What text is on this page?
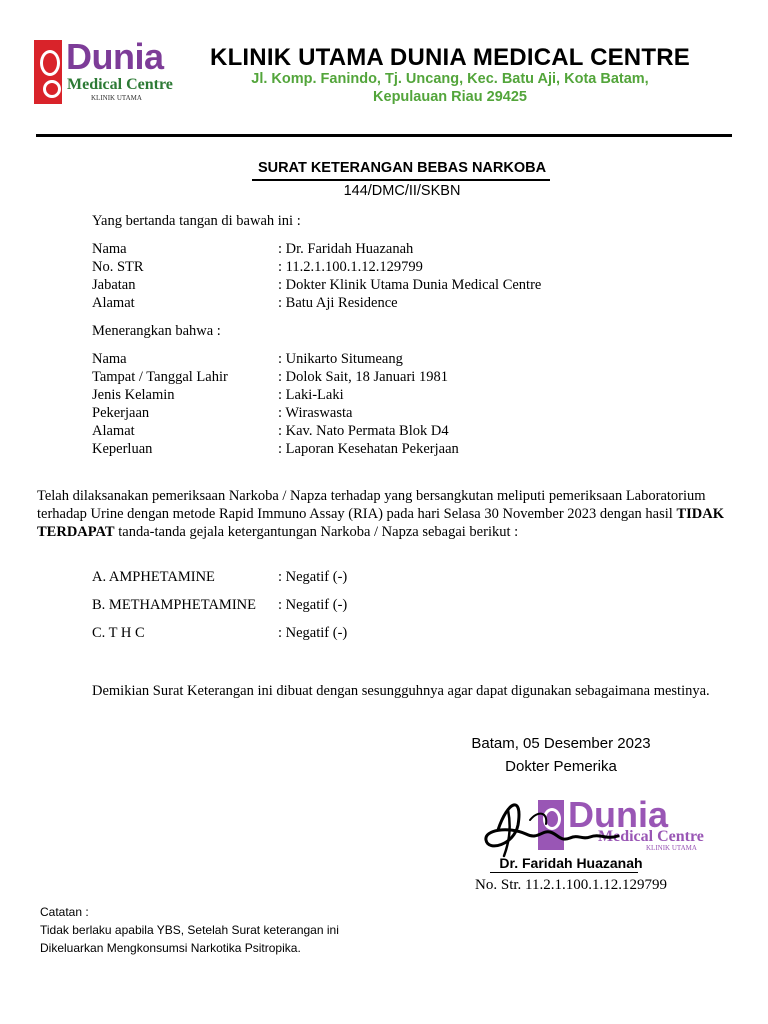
Dunia
Medical Centre
KLINIK UTAMA
KLINIK UTAMA DUNIA MEDICAL CENTRE
Jl. Komp. Fanindo, Tj. Uncang, Kec. Batu Aji, Kota Batam,
Kepulauan Riau 29425
SURAT KETERANGAN BEBAS NARKOBA
144/DMC/II/SKBN
Yang bertanda tangan di bawah ini :
Nama	: Dr. Faridah Huazanah
No. STR	: 11.2.1.100.1.12.129799
Jabatan	: Dokter Klinik Utama Dunia Medical Centre
Alamat	: Batu Aji Residence
Menerangkan bahwa :
Nama	: Unikarto Situmeang
Tampat / Tanggal Lahir	: Dolok Sait, 18 Januari 1981
Jenis Kelamin	: Laki-Laki
Pekerjaan	: Wiraswasta
Alamat	: Kav. Nato Permata Blok D4
Keperluan	: Laporan Kesehatan Pekerjaan
Telah dilaksanakan pemeriksaan Narkoba / Napza terhadap yang bersangkutan meliputi pemeriksaan Laboratorium terhadap Urine dengan metode Rapid Immuno Assay (RIA) pada hari Selasa 30 November 2023 dengan hasil TIDAK TERDAPAT tanda-tanda gejala ketergantungan Narkoba / Napza sebagai berikut :
A. AMPHETAMINE	: Negatif (-)
B. METHAMPHETAMINE : Negatif (-)
C. T H C	: Negatif (-)
Demikian Surat Keterangan ini dibuat dengan sesungguhnya agar dapat digunakan sebagaimana mestinya.
Batam, 05 Desember 2023
Dokter Pemerika
Dunia
Medical Centre
KLINIK UTAMA
Dr. Faridah Huazanah
No. Str. 11.2.1.100.1.12.129799
Catatan :
Tidak berlaku apabila YBS, Setelah Surat keterangan ini
Dikeluarkan Mengkonsumsi Narkotika Psitropika.
